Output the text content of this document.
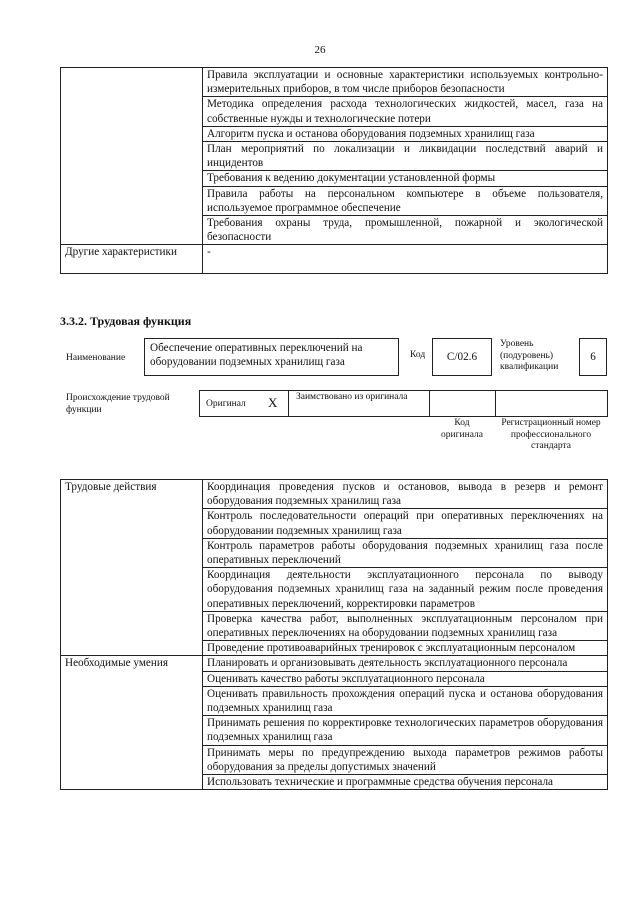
26
	Правила эксплуатации и основные характеристики используемых контрольно-измерительных приборов, в том числе приборов безопасности
	Методика определения расхода технологических жидкостей, масел, газа на собственные нужды и технологические потери
	Алгоритм пуска и останова оборудования подземных хранилищ газа
	План мероприятий по локализации и ликвидации последствий аварий и инцидентов
	Требования к ведению документации установленной формы
	Правила работы на персональном компьютере в объеме пользователя, используемое программное обеспечение
	Требования охраны труда, промышленной, пожарной и экологической безопасности
Другие характеристики	-
3.3.2. Трудовая функция
Наименование
Обеспечение оперативных переключений на оборудовании подземных хранилищ газа
Код C/02.6
Уровень (подуровень) квалификации
6
Происхождение трудовой функции
Оригинал X Заимствовано из оригинала
Код оригинала
Регистрационный номер профессионального стандарта
Трудовые действия	Координация проведения пусков и остановов, вывода в резерв и ремонт оборудования подземных хранилищ газа
	Контроль последовательности операций при оперативных переключениях на оборудовании подземных хранилищ газа
	Контроль параметров работы оборудования подземных хранилищ газа после оперативных переключений
	Координация деятельности эксплуатационного персонала по выводу оборудования подземных хранилищ газа на заданный режим после проведения оперативных переключений, корректировки параметров
	Проверка качества работ, выполненных эксплуатационным персоналом при оперативных переключениях на оборудовании подземных хранилищ газа
	Проведение противоаварийных тренировок с эксплуатационным персоналом
Необходимые умения	Планировать и организовывать деятельность эксплуатационного персонала
	Оценивать качество работы эксплуатационного персонала
	Оценивать правильность прохождения операций пуска и останова оборудования подземных хранилищ газа
	Принимать решения по корректировке технологических параметров оборудования подземных хранилищ газа
	Принимать меры по предупреждению выхода параметров режимов работы оборудования за пределы допустимых значений
	Использовать технические и программные средства обучения персонала
